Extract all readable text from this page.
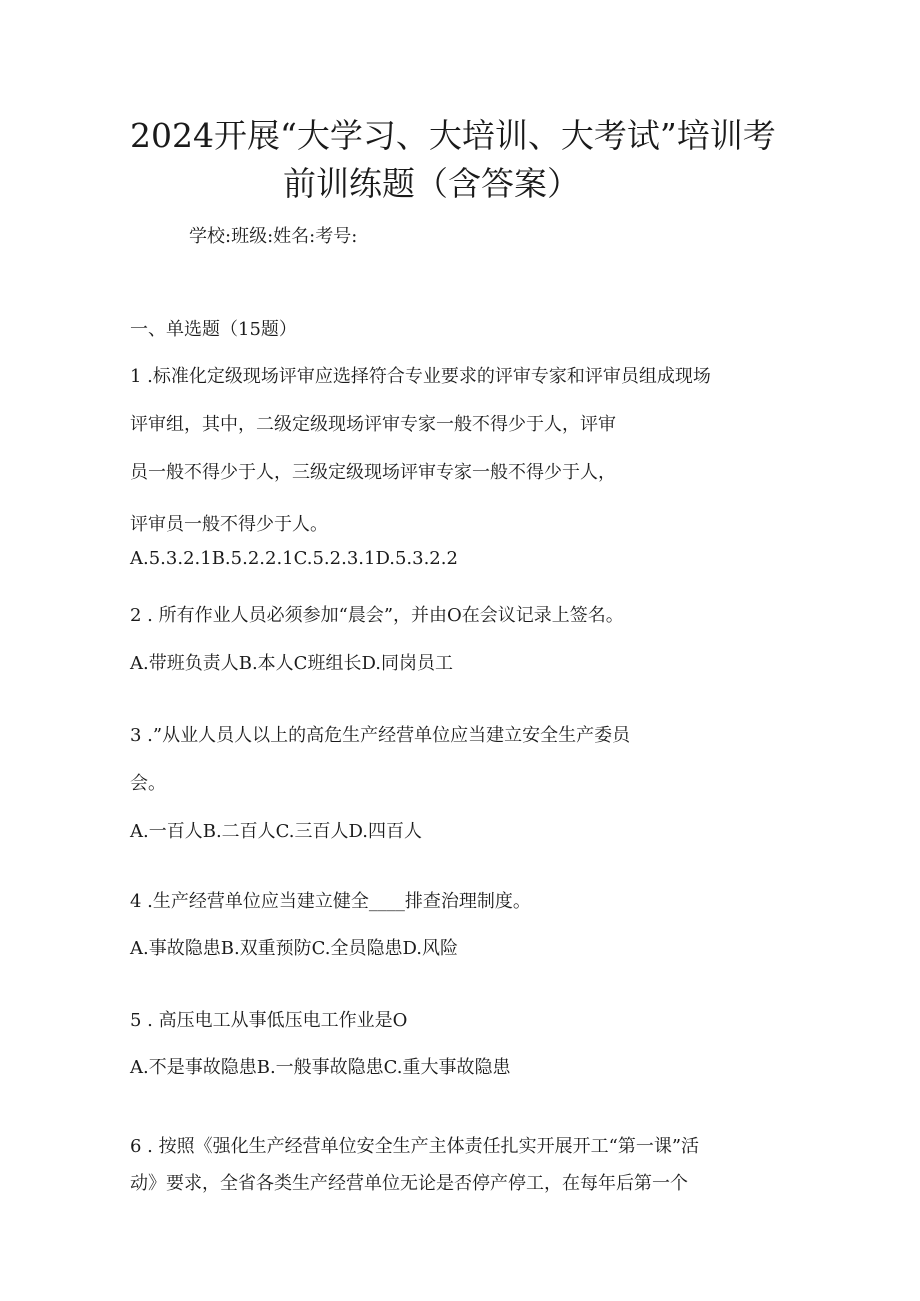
2024开展“大学习、大培训、大考试”培训考
前训练题（含答案）
学校:班级:姓名:考号:
一、单选题（15题）
1 .标准化定级现场评审应选择符合专业要求的评审专家和评审员组成现场
评审组，其中，二级定级现场评审专家一般不得少于人，评审
员一般不得少于人，三级定级现场评审专家一般不得少于人，
评审员一般不得少于人。
A.5.3.2.1B.5.2.2.1C.5.2.3.1D.5.3.2.2
2 . 所有作业人员必须参加“晨会”，并由O在会议记录上签名。
A.带班负责人B.本人C班组长D.同岗员工
3 .”从业人员人以上的高危生产经营单位应当建立安全生产委员
会。
A.一百人B.二百人C.三百人D.四百人
4 .生产经营单位应当建立健全____排查治理制度。
A.事故隐患B.双重预防C.全员隐患D.风险
5 . 高压电工从事低压电工作业是O
A.不是事故隐患B.一般事故隐患C.重大事故隐患
6 . 按照《强化生产经营单位安全生产主体责任扎实开展开工“第一课”活
动》要求，全省各类生产经营单位无论是否停产停工，在每年后第一个
